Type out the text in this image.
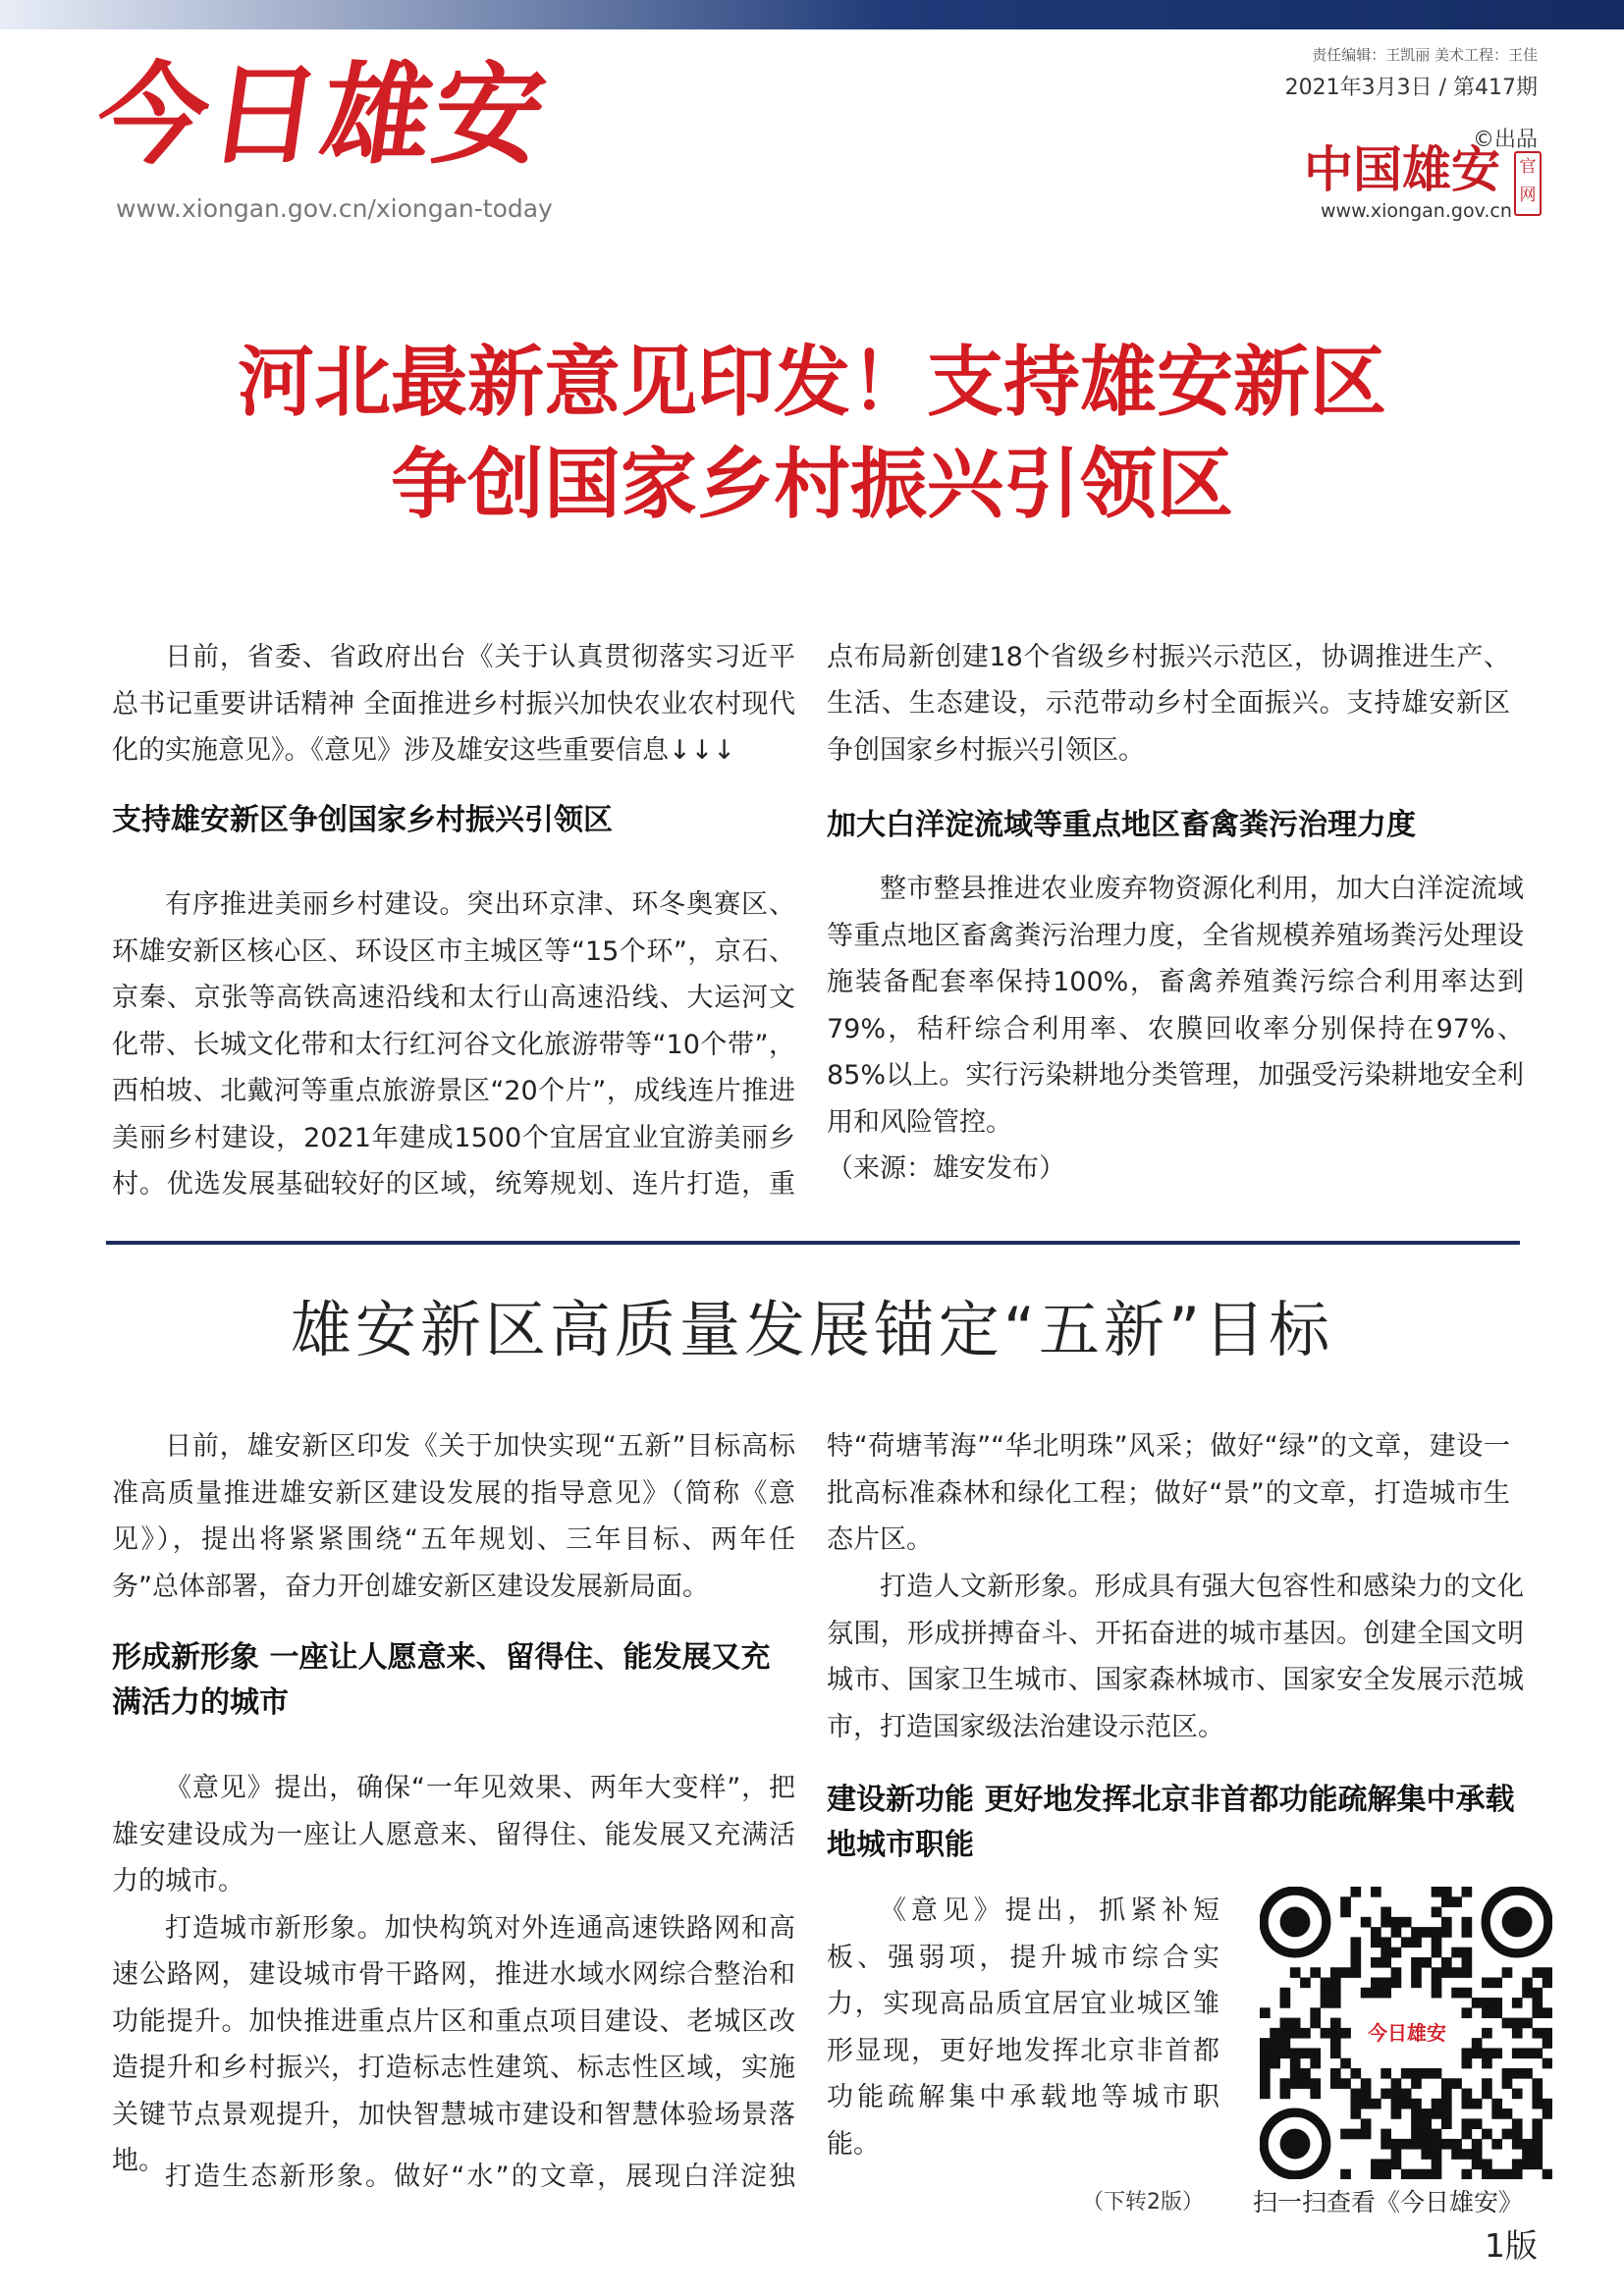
今日雄安
www.xiongan.gov.cn/xiongan-today
责任编辑：王凯丽 美术工程：王佳
2021年3月3日 / 第417期
©出品
中国雄安
www.xiongan.gov.cn
官网
河北最新意见印发！支持雄安新区
争创国家乡村振兴引领区

日前，省委、省政府出台《关于认真贯彻落实习近平总书记重要讲话精神 全面推进乡村振兴加快农业农村现代化的实施意见》。《意见》涉及雄安这些重要信息↓↓↓

支持雄安新区争创国家乡村振兴引领区

有序推进美丽乡村建设。突出环京津、环冬奥赛区、环雄安新区核心区、环设区市主城区等“15个环”，京石、京秦、京张等高铁高速沿线和太行山高速沿线、大运河文化带、长城文化带和太行红河谷文化旅游带等“10个带”，西柏坡、北戴河等重点旅游景区“20个片”，成线连片推进美丽乡村建设，2021年建成1500个宜居宜业宜游美丽乡村。优选发展基础较好的区域，统筹规划、连片打造，重

点布局新创建18个省级乡村振兴示范区，协调推进生产、生活、生态建设，示范带动乡村全面振兴。支持雄安新区争创国家乡村振兴引领区。

加大白洋淀流域等重点地区畜禽粪污治理力度

整市整县推进农业废弃物资源化利用，加大白洋淀流域等重点地区畜禽粪污治理力度，全省规模养殖场粪污处理设施装备配套率保持100%，畜禽养殖粪污综合利用率达到79%，秸秆综合利用率、农膜回收率分别保持在97%、85%以上。实行污染耕地分类管理，加强受污染耕地安全利用和风险管控。

（来源：雄安发布）

雄安新区高质量发展锚定“五新”目标

日前，雄安新区印发《关于加快实现“五新”目标高标准高质量推进雄安新区建设发展的指导意见》（简称《意见》），提出将紧紧围绕“五年规划、三年目标、两年任务”总体部署，奋力开创雄安新区建设发展新局面。

形成新形象 一座让人愿意来、留得住、能发展又充满活力的城市

《意见》提出，确保“一年见效果、两年大变样”，把雄安建设成为一座让人愿意来、留得住、能发展又充满活力的城市。

打造城市新形象。加快构筑对外连通高速铁路网和高速公路网，建设城市骨干路网，推进水域水网综合整治和功能提升。加快推进重点片区和重点项目建设、老城区改造提升和乡村振兴，打造标志性建筑、标志性区域，实施关键节点景观提升，加快智慧城市建设和智慧体验场景落地。

打造生态新形象。做好“水”的文章，展现白洋淀独

特“荷塘苇海”“华北明珠”风采；做好“绿”的文章，建设一批高标准森林和绿化工程；做好“景”的文章，打造城市生态片区。

打造人文新形象。形成具有强大包容性和感染力的文化氛围，形成拼搏奋斗、开拓奋进的城市基因。创建全国文明城市、国家卫生城市、国家森林城市、国家安全发展示范城市，打造国家级法治建设示范区。

建设新功能 更好地发挥北京非首都功能疏解集中承载地城市职能

《意见》提出，抓紧补短板、强弱项，提升城市综合实力，实现高品质宜居宜业城区雏形显现，更好地发挥北京非首都功能疏解集中承载地等城市职能。

（下转2版）
今日雄安
扫一扫查看《今日雄安》
1版
